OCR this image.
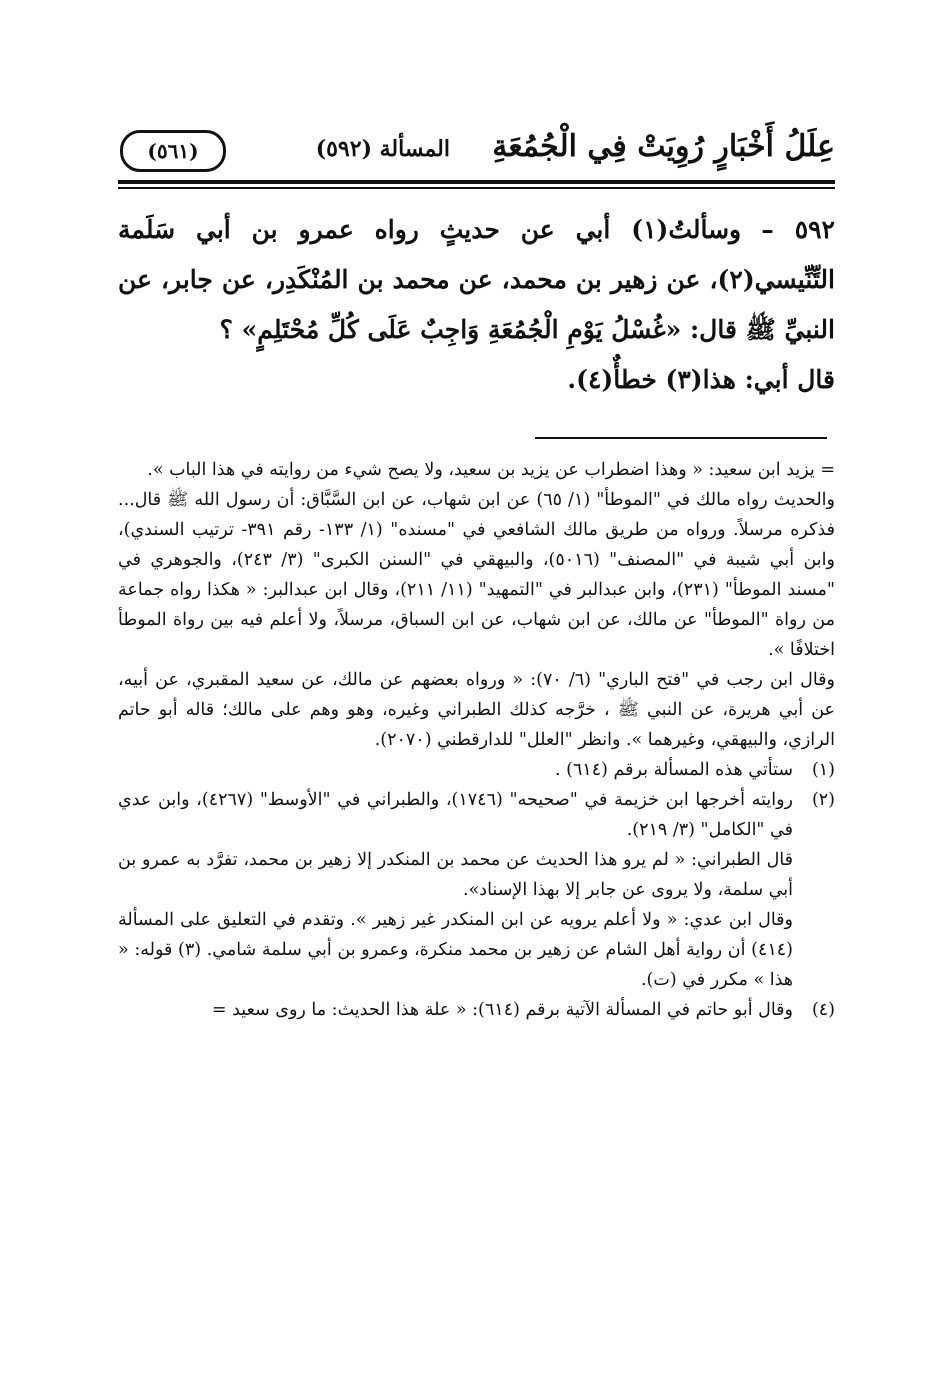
عِلَلُ أَخْبَارٍ رُوِيَتْ فِي الْجُمُعَةِ
المسألة (٥٩٢)
(٥٦١)

٥٩٢ – وسألتُ(١) أبي عن حديثٍ رواه عمرو بن أبي سَلَمة التِّنِّيسي(٢)، عن زهير بن محمد، عن محمد بن المُنْكَدِر، عن جابر، عن النبيِّ ﷺ قال: «غُسْلُ يَوْمِ الْجُمُعَةِ وَاجِبٌ عَلَى كُلِّ مُحْتَلِمٍ» ؟

قال أبي: هذا(٣) خطأٌ(٤).

= يزيد ابن سعيد: « وهذا اضطراب عن يزيد بن سعيد، ولا يصح شيء من روايته في هذا الباب ».

والحديث رواه مالك في "الموطأ" (١/ ٦٥) عن ابن شهاب، عن ابن السَّبَّاق: أن رسول الله ﷺ قال... فذكره مرسلاً. ورواه من طريق مالك الشافعي في "مسنده" (١/ ١٣٣- رقم ٣٩١- ترتيب السندي)، وابن أبي شيبة في "المصنف" (٥٠١٦)، والبيهقي في "السنن الكبرى" (٣/ ٢٤٣)، والجوهري في "مسند الموطأ" (٢٣١)، وابن عبدالبر في "التمهيد" (١١/ ٢١١)، وقال ابن عبدالبر: « هكذا رواه جماعة من رواة "الموطأ" عن مالك، عن ابن شهاب، عن ابن السباق، مرسلاً، ولا أعلم فيه بين رواة الموطأ اختلافًا ».

وقال ابن رجب في "فتح الباري" (٦/ ٧٠): « ورواه بعضهم عن مالك، عن سعيد المقبري، عن أبيه، عن أبي هريرة، عن النبي ﷺ ، خرَّجه كذلك الطبراني وغيره، وهو وهم على مالك؛ قاله أبو حاتم الرازي، والبيهقي، وغيرهما ». وانظر "العلل" للدارقطني (٢٠٧٠).

(١)
ستأتي هذه المسألة برقم (٦١٤) .
(٢)
روايته أخرجها ابن خزيمة في "صحيحه" (١٧٤٦)، والطبراني في "الأوسط" (٤٢٦٧)، وابن عدي في "الكامل" (٣/ ٢١٩).

قال الطبراني: « لم يرو هذا الحديث عن محمد بن المنكدر إلا زهير بن محمد، تفرَّد به عمرو بن أبي سلمة، ولا يروى عن جابر إلا بهذا الإسناد».

وقال ابن عدي: « ولا أعلم يرويه عن ابن المنكدر غير زهير ». وتقدم في التعليق على المسألة (٤١٤) أن رواية أهل الشام عن زهير بن محمد منكرة، وعمرو بن أبي سلمة شامي. (٣) قوله: « هذا » مكرر في (ت).

(٤)
وقال أبو حاتم في المسألة الآتية برقم (٦١٤): « علة هذا الحديث: ما روى سعيد =
